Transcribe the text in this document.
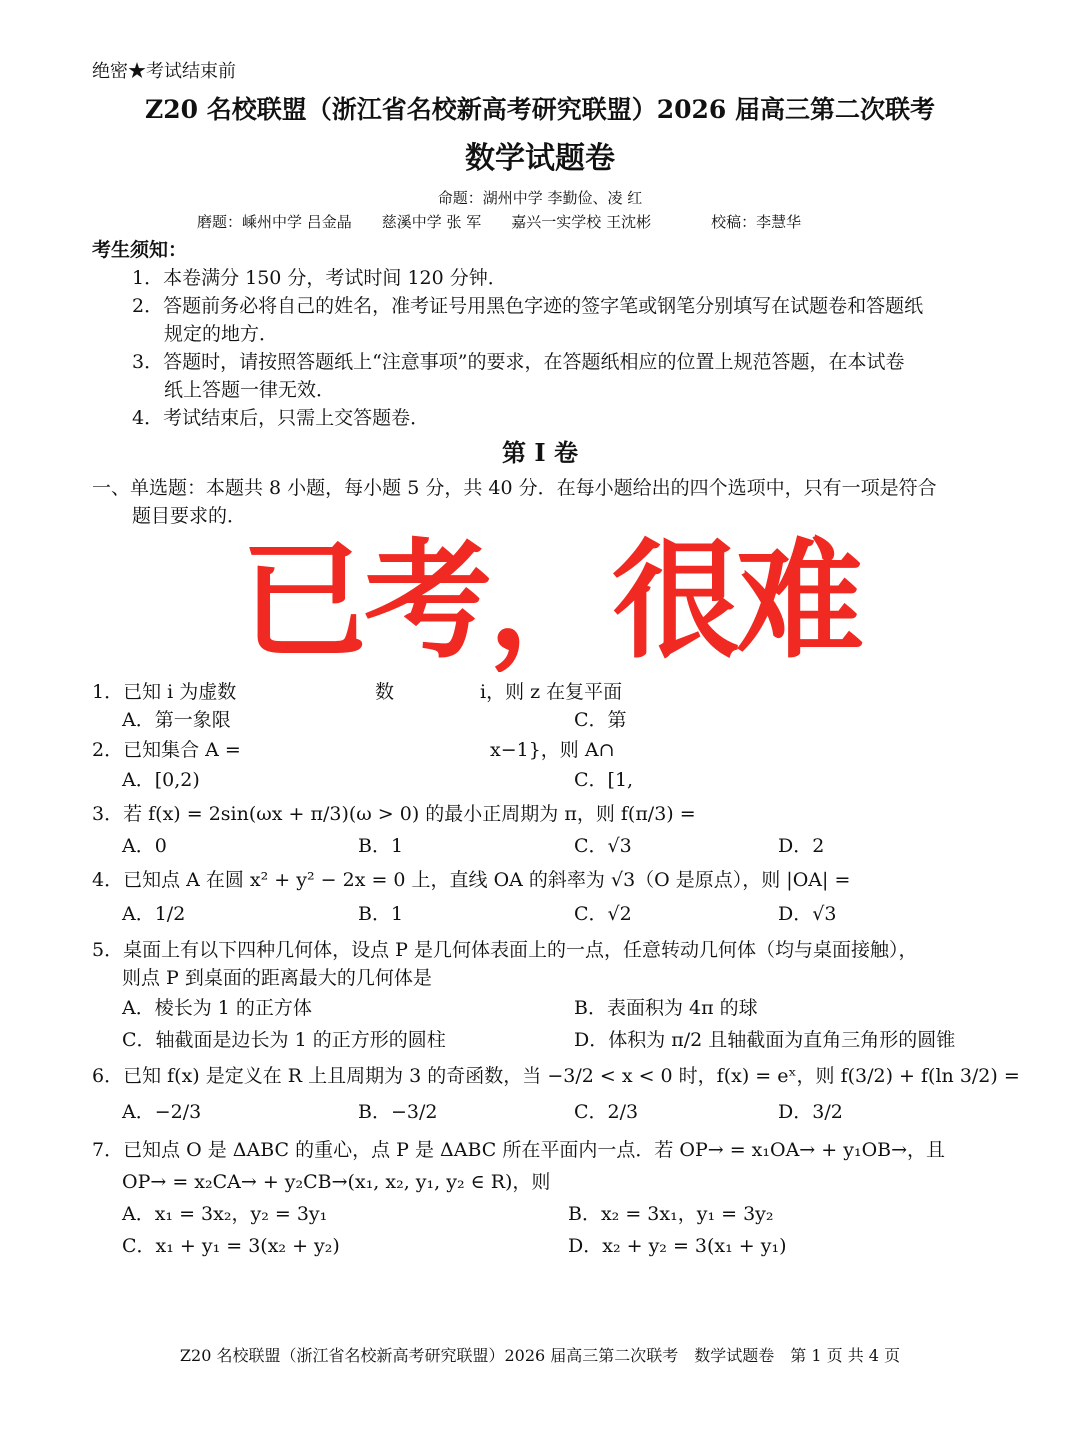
绝密★考试结束前
Z20 名校联盟（浙江省名校新高考研究联盟）2026 届高三第二次联考
数学试题卷
命题：湖州中学 李勤俭、凌 红
磨题：嵊州中学 吕金晶　　慈溪中学 张 军　　嘉兴一实学校 王沈彬　　　　校稿：李慧华
考生须知：
1．本卷满分 150 分，考试时间 120 分钟．
2．答题前务必将自己的姓名，准考证号用黑色字迹的签字笔或钢笔分别填写在试题卷和答题纸
规定的地方．
3．答题时，请按照答题纸上“注意事项”的要求，在答题纸相应的位置上规范答题，在本试卷
纸上答题一律无效．
4．考试结束后，只需上交答题卷．
第 I 卷
一、单选题：本题共 8 小题，每小题 5 分，共 40 分．在每小题给出的四个选项中，只有一项是符合
题目要求的．
已考，很难
1．已知 i 为虚数	数	i，则 z 在复平面
A．第一象限	C．第
2．已知集合 A =	x−1}，则 A∩
A．[0,2)	C．[1,
3．若 f(x) = 2sin(ωx + π/3)(ω > 0) 的最小正周期为 π，则 f(π/3) =
A．0	B．1	C．√3	D．2
4．已知点 A 在圆 x² + y² − 2x = 0 上，直线 OA 的斜率为 √3（O 是原点），则 |OA| =
A．1/2	B．1	C．√2	D．√3
5．桌面上有以下四种几何体，设点 P 是几何体表面上的一点，任意转动几何体（均与桌面接触），
则点 P 到桌面的距离最大的几何体是
A．棱长为 1 的正方体	B．表面积为 4π 的球
C．轴截面是边长为 1 的正方形的圆柱	D．体积为 π/2 且轴截面为直角三角形的圆锥
6．已知 f(x) 是定义在 R 上且周期为 3 的奇函数，当 −3/2 < x < 0 时，f(x) = eˣ，则 f(3/2) + f(ln 3/2) =
A．−2/3	B．−3/2	C．2/3	D．3/2
7．已知点 O 是 ΔABC 的重心，点 P 是 ΔABC 所在平面内一点．若 OP→ = x₁OA→ + y₁OB→，且
OP→ = x₂CA→ + y₂CB→(x₁, x₂, y₁, y₂ ∈ R)，则
A．x₁ = 3x₂，y₂ = 3y₁	B．x₂ = 3x₁，y₁ = 3y₂
C．x₁ + y₁ = 3(x₂ + y₂)	D．x₂ + y₂ = 3(x₁ + y₁)
Z20 名校联盟（浙江省名校新高考研究联盟）2026 届高三第二次联考　数学试题卷　第 1 页 共 4 页
